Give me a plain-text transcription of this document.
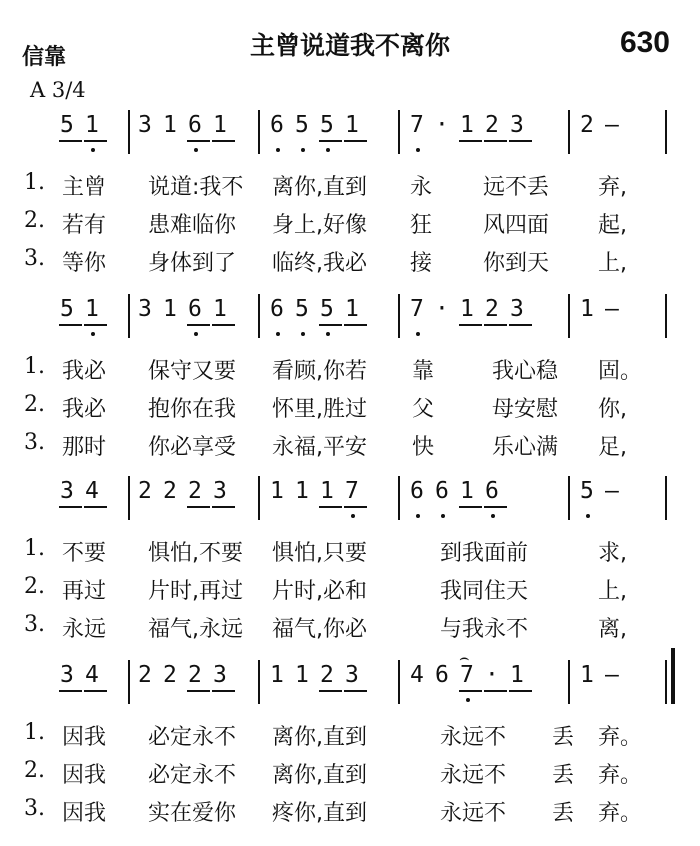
信靠	主曾说道我不离你	630
A 3/4
5 1 3 1 6 1 6 5 5 1 7 · 1 2 3 2 —
1. 主曾 说道:我不 离你,直到 永 远不丢 弃,
2. 若有 患难临你 身上,好像 狂 风四面 起,
3. 等你 身体到了 临终,我必 接 你到天 上,
5 1 3 1 6 1 6 5 5 1 7 · 1 2 3 1 —
1. 我必 保守又要 看顾,你若 靠	我心稳 固。
2. 我必 抱你在我 怀里,胜过 父	母安慰 你,
3. 那时 你必享受 永福,平安 快	乐心满 足,
3 4 2 2 2 3 1 1 1 7 6 6 1 6	5 —
1. 不要 惧怕,不要 惧怕,只要	到我面前	求,
2. 再过 片时,再过 片时,必和	我同住天	上,
3. 永远 福气,永远 福气,你必	与我永不	离,
3 4 2 2 2 3 1 1 2 3 4 6 7
⌢
· 1 1 —
1. 因我 必定永不 离你,直到	永远不 丢 弃。
2. 因我 必定永不 离你,直到	永远不 丢 弃。
3. 因我 实在爱你 疼你,直到	永远不 丢 弃。
